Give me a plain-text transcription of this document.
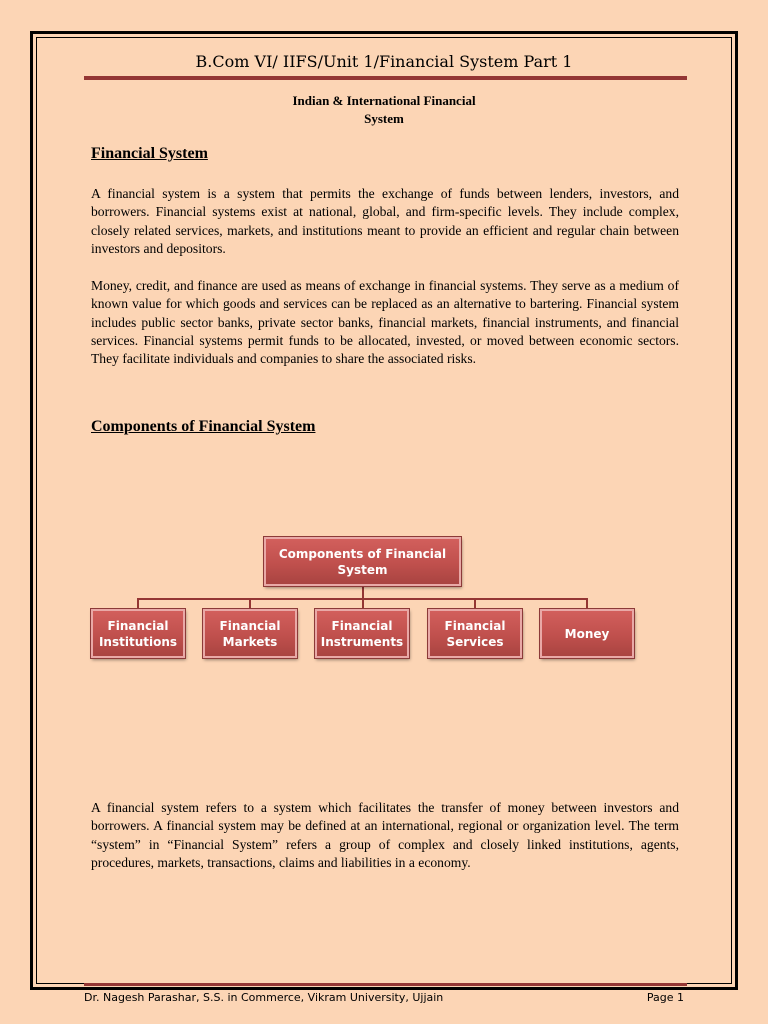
B.Com VI/ IIFS/Unit 1/Financial System Part 1
Indian & International Financial
System
Financial System

A financial system is a system that permits the exchange of funds between lenders, investors, and borrowers. Financial systems exist at national, global, and firm-specific levels. They include complex, closely related services, markets, and institutions meant to provide an efficient and regular chain between investors and depositors.

Money, credit, and finance are used as means of exchange in financial systems. They serve as a medium of known value for which goods and services can be replaced as an alternative to bartering. Financial system includes public sector banks, private sector banks, financial markets, financial instruments, and financial services. Financial systems permit funds to be allocated, invested, or moved between economic sectors. They facilitate individuals and companies to share the associated risks.

Components of Financial System
Components of Financial
System
Financial
Institutions
Financial
Markets
Financial
Instruments
Financial
Services
Money

A financial system refers to a system which facilitates the transfer of money between investors and borrowers. A financial system may be defined at an international, regional or organization level. The term “system” in “Financial System” refers a group of complex and closely linked institutions, agents, procedures, markets, transactions, claims and liabilities in a economy.

Dr. Nagesh Parashar, S.S. in Commerce, Vikram University, Ujjain	Page 1
